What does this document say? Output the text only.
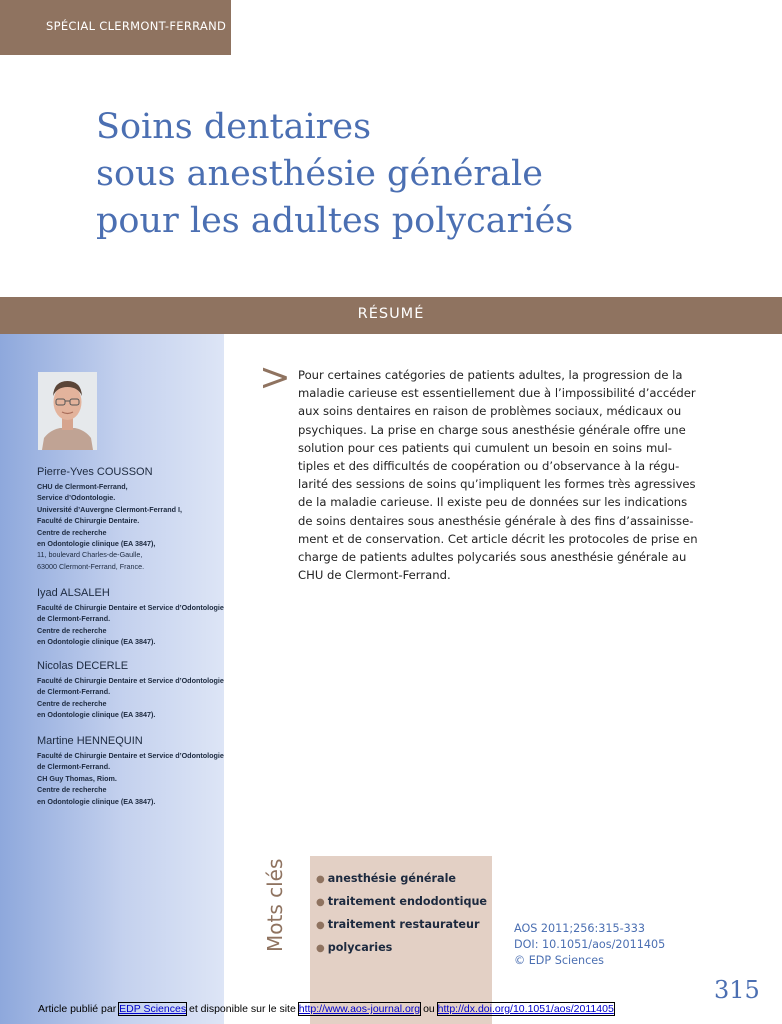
SPÉCIAL CLERMONT-FERRAND
Soins dentaires
sous anesthésie générale
pour les adultes polycariés
RÉSUMÉ
Pierre-Yves COUSSON
CHU de Clermont-Ferrand,
Service d’Odontologie.
Université d’Auvergne Clermont-Ferrand I,
Faculté de Chirurgie Dentaire.
Centre de recherche
en Odontologie clinique (EA 3847),
11, boulevard Charles-de-Gaulle,
63000 Clermont-Ferrand, France.
Iyad ALSALEH
Faculté de Chirurgie Dentaire et Service d’Odontologie
de Clermont-Ferrand.
Centre de recherche
en Odontologie clinique (EA 3847).
Nicolas DECERLE
Faculté de Chirurgie Dentaire et Service d’Odontologie
de Clermont-Ferrand.
Centre de recherche
en Odontologie clinique (EA 3847).
Martine HENNEQUIN
Faculté de Chirurgie Dentaire et Service d’Odontologie
de Clermont-Ferrand.
CH Guy Thomas, Riom.
Centre de recherche
en Odontologie clinique (EA 3847).
> Pour certaines catégories de patients adultes, la progression de la
maladie carieuse est essentiellement due à l’impossibilité d’accéder
aux soins dentaires en raison de problèmes sociaux, médicaux ou
psychiques. La prise en charge sous anesthésie générale offre une
solution pour ces patients qui cumulent un besoin en soins mul-
tiples et des difficultés de coopération ou d’observance à la régu-
larité des sessions de soins qu’impliquent les formes très agressives
de la maladie carieuse. Il existe peu de données sur les indications
de soins dentaires sous anesthésie générale à des fins d’assainisse-
ment et de conservation. Cet article décrit les protocoles de prise en
charge de patients adultes polycariés sous anesthésie générale au
CHU de Clermont-Ferrand.
Mots clés	● anesthésie générale
● traitement endodontique
● traitement restaurateur
● polycaries
AOS 2011;256:315-333
DOI: 10.1051/aos/2011405
© EDP Sciences
315
Article publié par EDP Sciences et disponible sur le site http://www.aos-journal.org ou http://dx.doi.org/10.1051/aos/2011405
